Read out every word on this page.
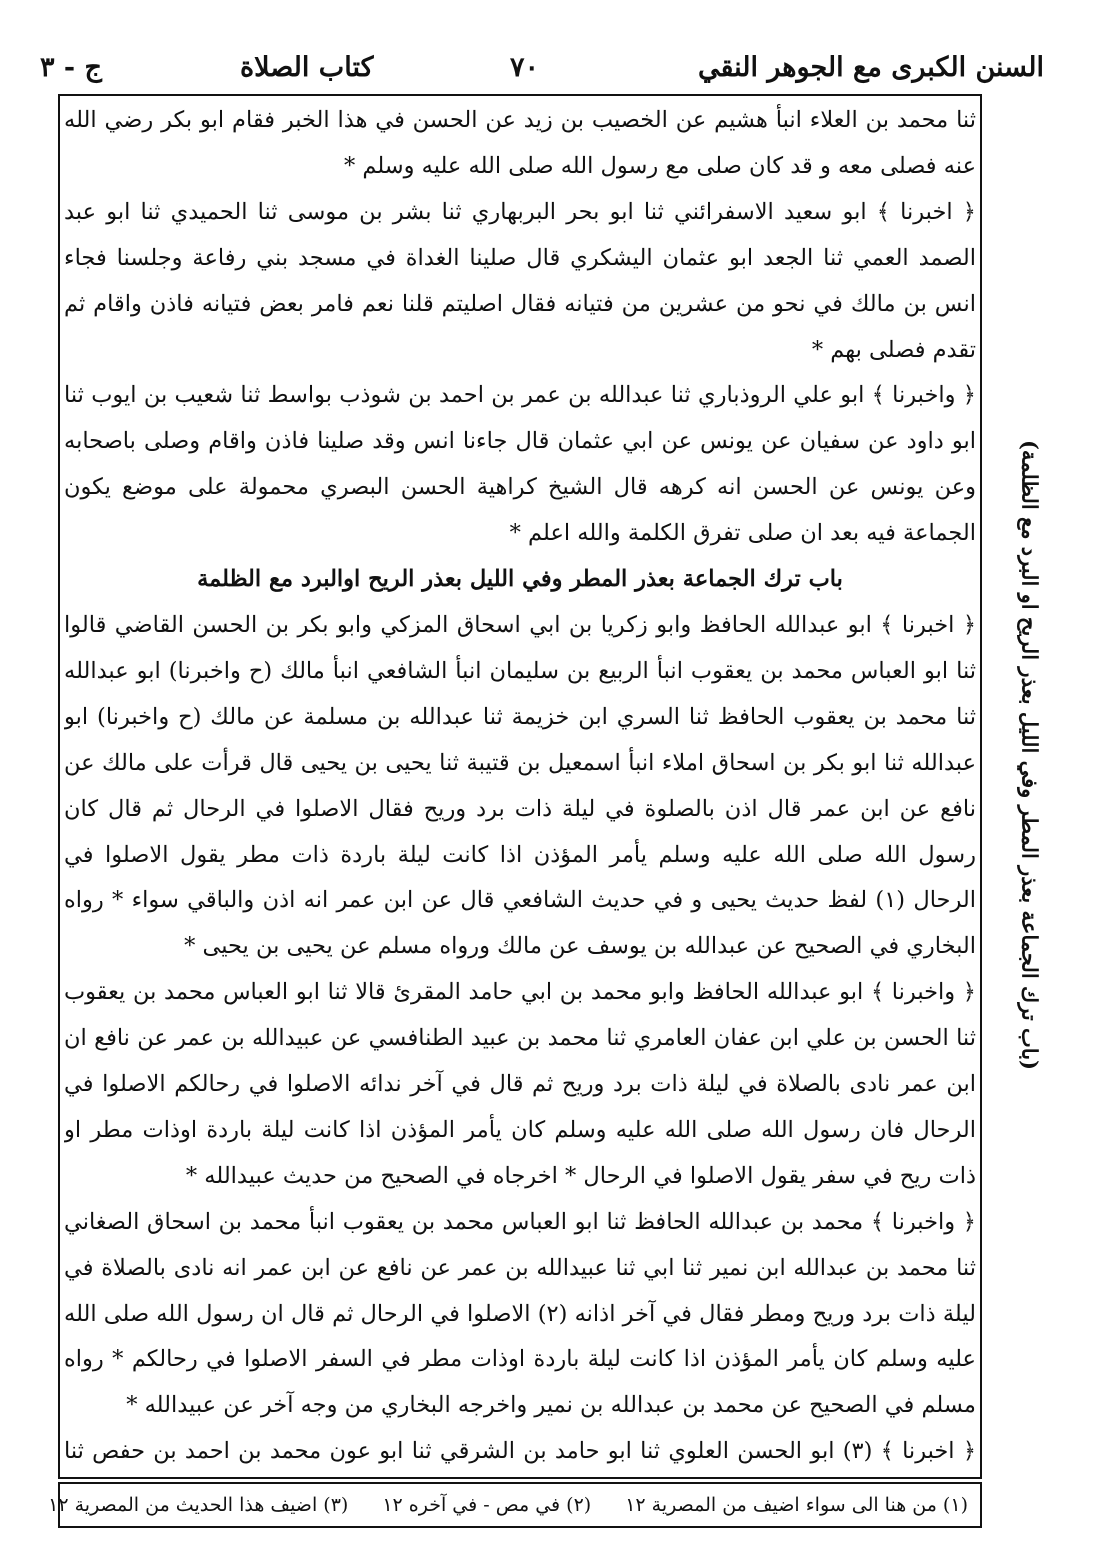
السنن الكبرى مع الجوهر النقي
٧٠
كتاب الصلاة
ج - ٣

ثنا محمد بن العلاء انبأ هشيم عن الخصيب بن زيد عن الحسن في هذا الخبر فقام ابو بكر رضي الله عنه فصلى معه و قد كان صلى مع رسول الله صلى الله عليه وسلم *

﴿ اخبرنا ﴾ ابو سعيد الاسفرائني ثنا ابو بحر البربهاري ثنا بشر بن موسى ثنا الحميدي ثنا ابو عبد الصمد العمي ثنا الجعد ابو عثمان اليشكري قال صلينا الغداة في مسجد بني رفاعة وجلسنا فجاء انس بن مالك في نحو من عشرين من فتيانه فقال اصليتم قلنا نعم فامر بعض فتيانه فاذن واقام ثم تقدم فصلى بهم *

﴿ واخبرنا ﴾ ابو علي الروذباري ثنا عبدالله بن عمر بن احمد بن شوذب بواسط ثنا شعيب بن ايوب ثنا ابو داود عن سفيان عن يونس عن ابي عثمان قال جاءنا انس وقد صلينا فاذن واقام وصلى باصحابه وعن يونس عن الحسن انه كرهه قال الشيخ كراهية الحسن البصري محمولة على موضع يكون الجماعة فيه بعد ان صلى تفرق الكلمة والله اعلم *

باب ترك الجماعة بعذر المطر وفي الليل بعذر الريح اوالبرد مع الظلمة

﴿ اخبرنا ﴾ ابو عبدالله الحافظ وابو زكريا بن ابي اسحاق المزكي وابو بكر بن الحسن القاضي قالوا ثنا ابو العباس محمد بن يعقوب انبأ الربيع بن سليمان انبأ الشافعي انبأ مالك (ح واخبرنا) ابو عبدالله ثنا محمد بن يعقوب الحافظ ثنا السري ابن خزيمة ثنا عبدالله بن مسلمة عن مالك (ح واخبرنا) ابو عبدالله ثنا ابو بكر بن اسحاق املاء انبأ اسمعيل بن قتيبة ثنا يحيى بن يحيى قال قرأت على مالك عن نافع عن ابن عمر قال اذن بالصلوة في ليلة ذات برد وريح فقال الاصلوا في الرحال ثم قال كان رسول الله صلى الله عليه وسلم يأمر المؤذن اذا كانت ليلة باردة ذات مطر يقول الاصلوا في الرحال (١) لفظ حديث يحيى و في حديث الشافعي قال عن ابن عمر انه اذن والباقي سواء * رواه البخاري في الصحيح عن عبدالله بن يوسف عن مالك ورواه مسلم عن يحيى بن يحيى *

﴿ واخبرنا ﴾ ابو عبدالله الحافظ وابو محمد بن ابي حامد المقرئ قالا ثنا ابو العباس محمد بن يعقوب ثنا الحسن بن علي ابن عفان العامري ثنا محمد بن عبيد الطنافسي عن عبيدالله بن عمر عن نافع ان ابن عمر نادى بالصلاة في ليلة ذات برد وريح ثم قال في آخر ندائه الاصلوا في رحالكم الاصلوا في الرحال فان رسول الله صلى الله عليه وسلم كان يأمر المؤذن اذا كانت ليلة باردة اوذات مطر او ذات ريح في سفر يقول الاصلوا في الرحال * اخرجاه في الصحيح من حديث عبيدالله *

﴿ واخبرنا ﴾ محمد بن عبدالله الحافظ ثنا ابو العباس محمد بن يعقوب انبأ محمد بن اسحاق الصغاني ثنا محمد بن عبدالله ابن نمير ثنا ابي ثنا عبيدالله بن عمر عن نافع عن ابن عمر انه نادى بالصلاة في ليلة ذات برد وريح ومطر فقال في آخر اذانه (٢) الاصلوا في الرحال ثم قال ان رسول الله صلى الله عليه وسلم كان يأمر المؤذن اذا كانت ليلة باردة اوذات مطر في السفر الاصلوا في رحالكم * رواه مسلم في الصحيح عن محمد بن عبدالله بن نمير واخرجه البخاري من وجه آخر عن عبيدالله *

﴿ اخبرنا ﴾ (٣) ابو الحسن العلوي ثنا ابو حامد بن الشرقي ثنا ابو عون محمد بن احمد بن حفص ثنا

(باب ترك الجماعة بعذر المطر وفي الليل بعذر الريح او البرد مع الظلمة)
(١) من هنا الى سواء اضيف من المصرية ١٢
(٢) في مص - في آخره ١٢
(٣) اضيف هذا الحديث من المصرية ١٢
